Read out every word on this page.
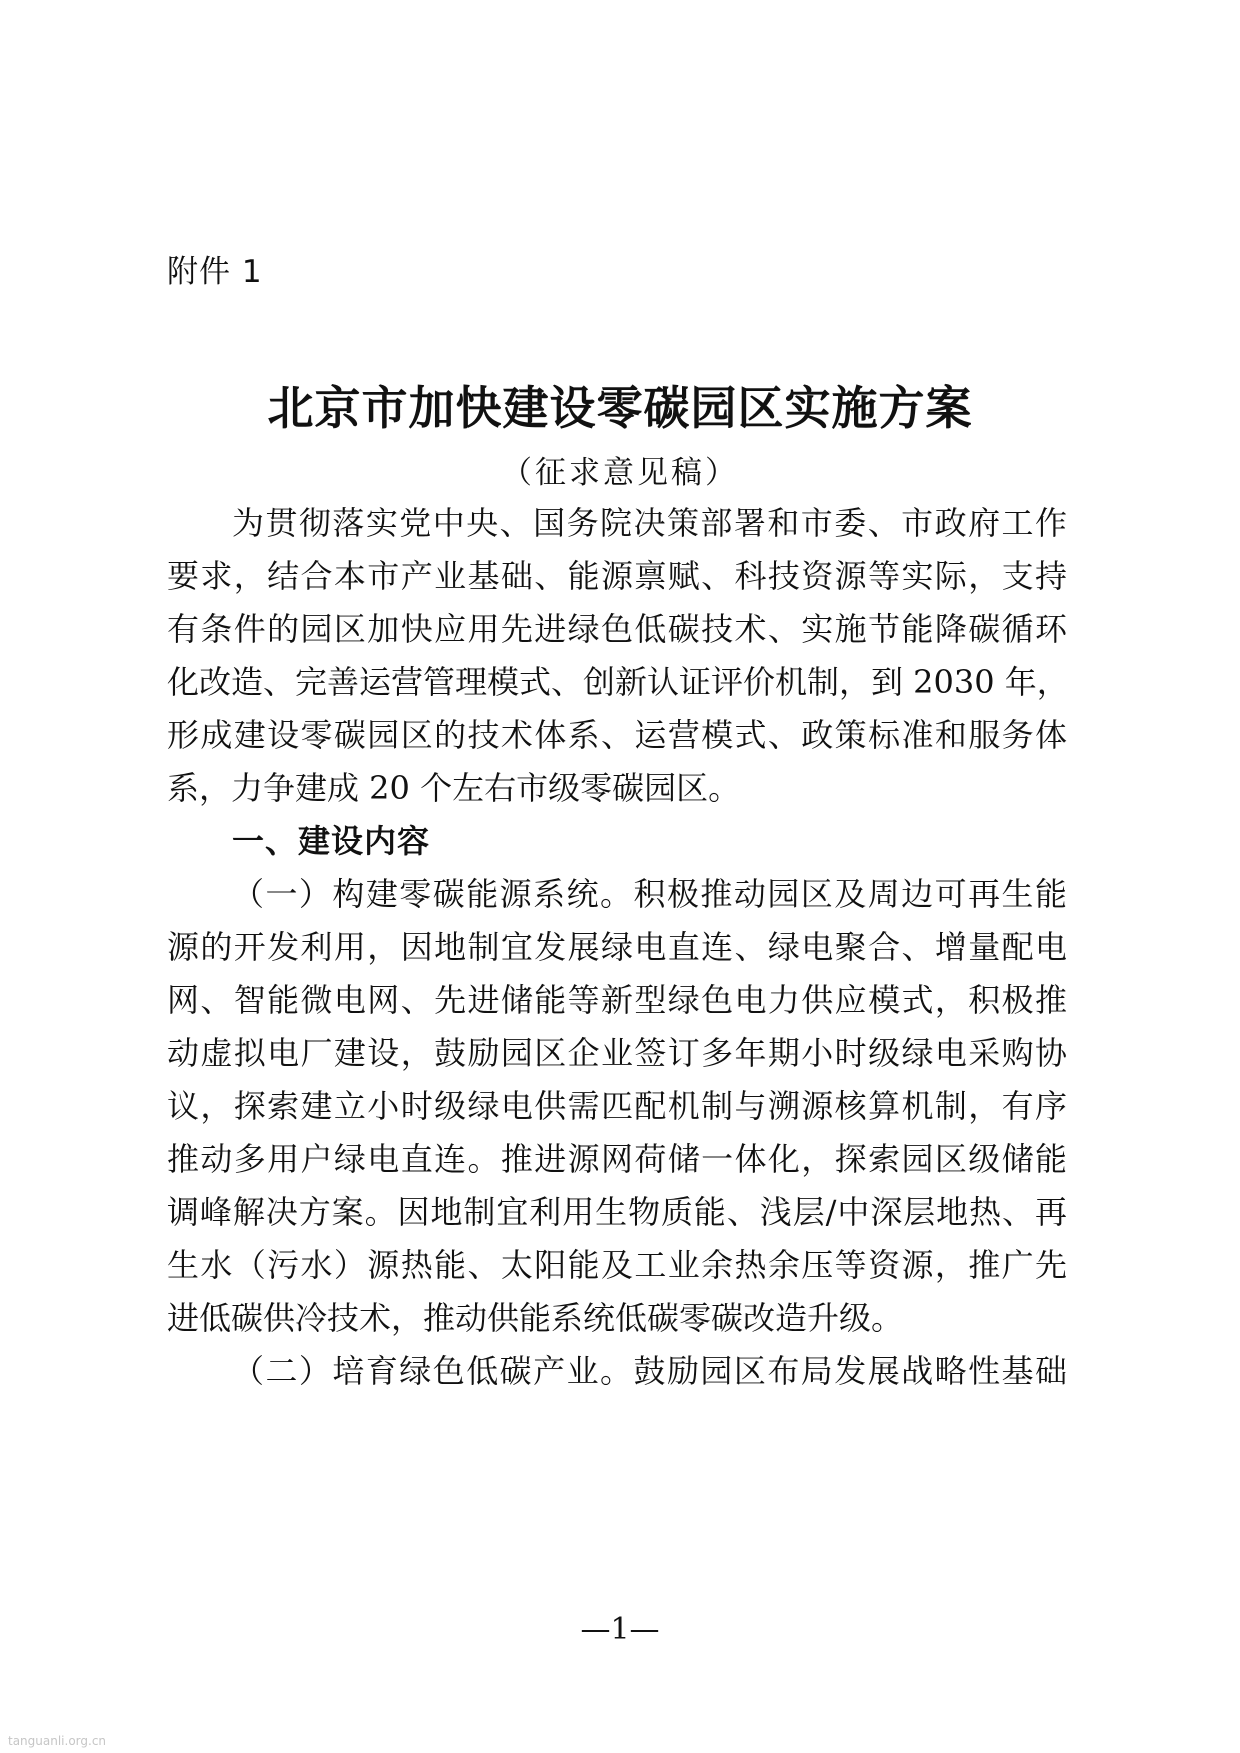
附件 1
北京市加快建设零碳园区实施方案
（征求意见稿）
为贯彻落实党中央、国务院决策部署和市委、市政府工作
要求，结合本市产业基础、能源禀赋、科技资源等实际，支持
有条件的园区加快应用先进绿色低碳技术、实施节能降碳循环
化改造、完善运营管理模式、创新认证评价机制，到 2030 年，
形成建设零碳园区的技术体系、运营模式、政策标准和服务体
系，力争建成 20 个左右市级零碳园区。
一、建设内容
（一）构建零碳能源系统。积极推动园区及周边可再生能
源的开发利用，因地制宜发展绿电直连、绿电聚合、增量配电
网、智能微电网、先进储能等新型绿色电力供应模式，积极推
动虚拟电厂建设，鼓励园区企业签订多年期小时级绿电采购协
议，探索建立小时级绿电供需匹配机制与溯源核算机制，有序
推动多用户绿电直连。推进源网荷储一体化，探索园区级储能
调峰解决方案。因地制宜利用生物质能、浅层/中深层地热、再
生水（污水）源热能、太阳能及工业余热余压等资源，推广先
进低碳供冷技术，推动供能系统低碳零碳改造升级。
（二）培育绿色低碳产业。鼓励园区布局发展战略性基础
—1—
tanguanli.org.cn
